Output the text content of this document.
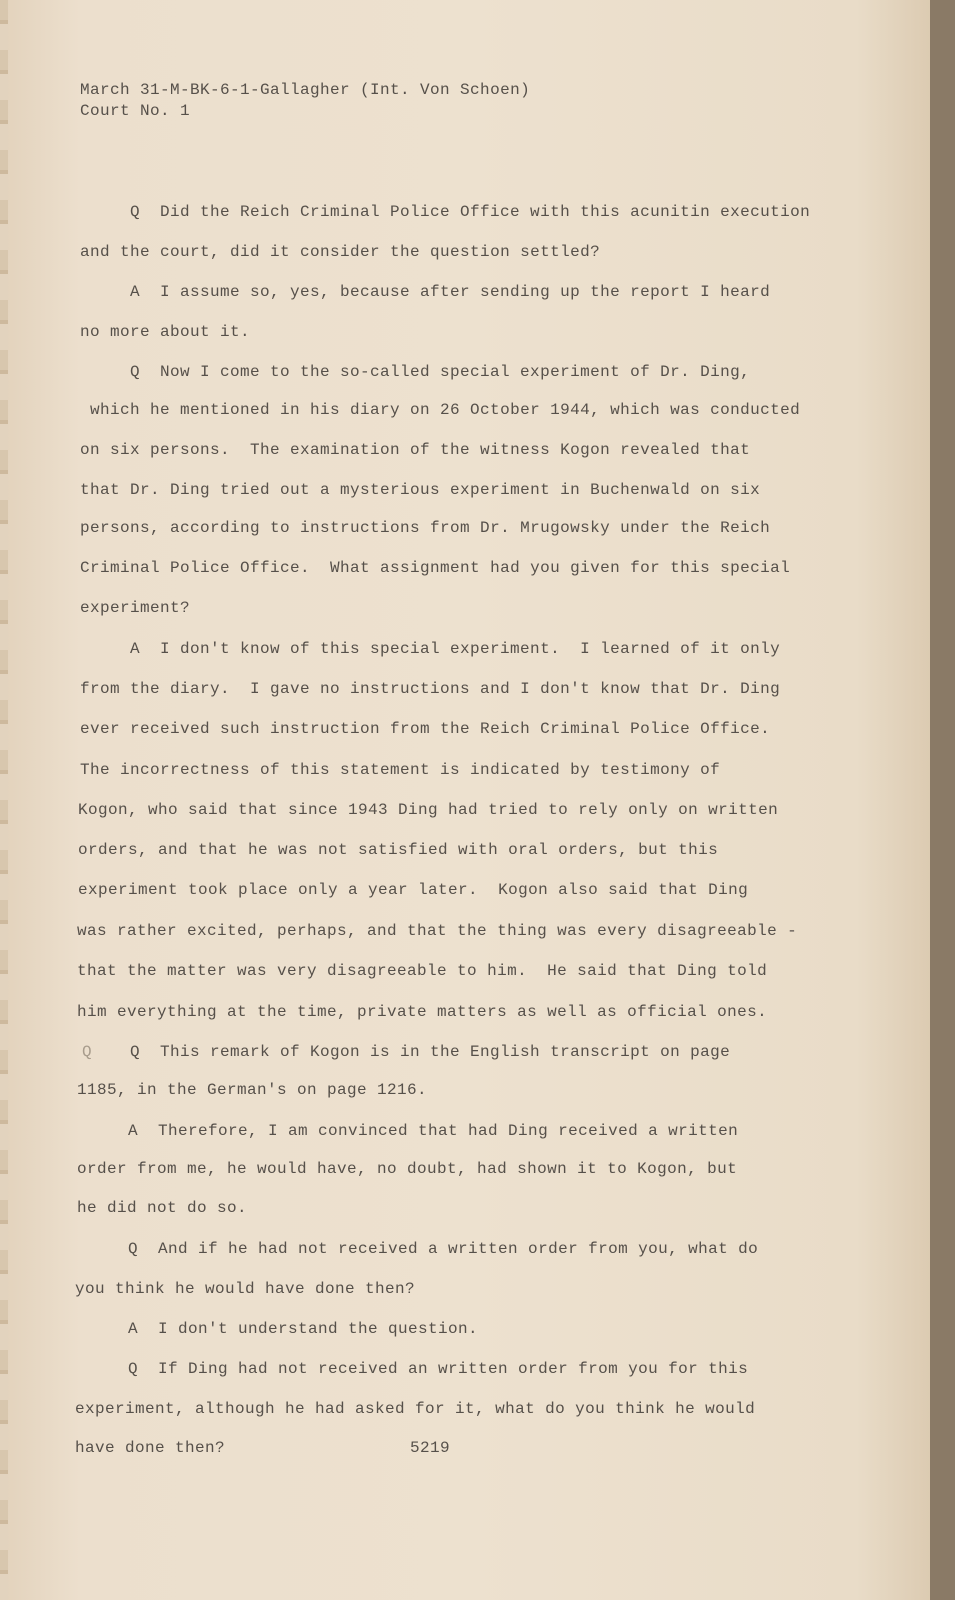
March 31-M-BK-6-1-Gallagher (Int. Von Schoen)
Court No. 1
Q
Q  Did the Reich Criminal Police Office with this acunitin execution
and the court, did it consider the question settled?
A  I assume so, yes, because after sending up the report I heard
no more about it.
Q  Now I come to the so-called special experiment of Dr. Ding,
which he mentioned in his diary on 26 October 1944, which was conducted
on six persons.  The examination of the witness Kogon revealed that
that Dr. Ding tried out a mysterious experiment in Buchenwald on six
persons, according to instructions from Dr. Mrugowsky under the Reich
Criminal Police Office.  What assignment had you given for this special
experiment?
A  I don't know of this special experiment.  I learned of it only
from the diary.  I gave no instructions and I don't know that Dr. Ding
ever received such instruction from the Reich Criminal Police Office.
The incorrectness of this statement is indicated by testimony of
Kogon, who said that since 1943 Ding had tried to rely only on written
orders, and that he was not satisfied with oral orders, but this
experiment took place only a year later.  Kogon also said that Ding
was rather excited, perhaps, and that the thing was every disagreeable -
that the matter was very disagreeable to him.  He said that Ding told
him everything at the time, private matters as well as official ones.
Q  This remark of Kogon is in the English transcript on page
1185, in the German's on page 1216.
A  Therefore, I am convinced that had Ding received a written
order from me, he would have, no doubt, had shown it to Kogon, but
he did not do so.
Q  And if he had not received a written order from you, what do
you think he would have done then?
A  I don't understand the question.
Q  If Ding had not received an written order from you for this
experiment, although he had asked for it, what do you think he would
have done then?	5219
